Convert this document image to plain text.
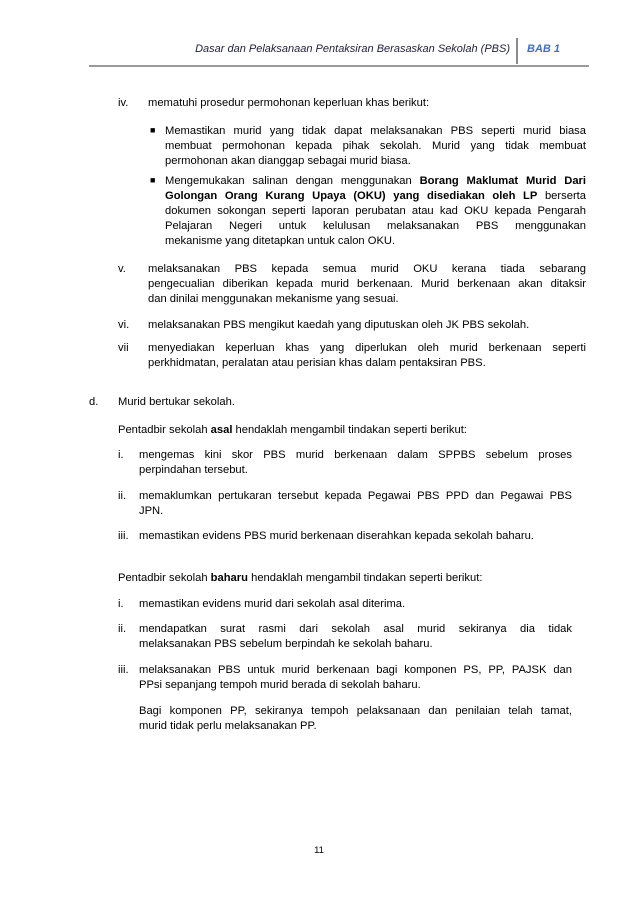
Dasar dan Pelaksanaan Pentaksiran Berasaskan Sekolah (PBS) BAB 1
iv. mematuhi prosedur permohonan keperluan khas berikut:
■ Memastikan murid yang tidak dapat melaksanakan PBS seperti murid biasa
membuat permohonan kepada pihak sekolah. Murid yang tidak membuat
permohonan akan dianggap sebagai murid biasa.
■ Mengemukakan salinan dengan menggunakan Borang Maklumat Murid Dari
Golongan Orang Kurang Upaya (OKU) yang disediakan oleh LP berserta
dokumen sokongan seperti laporan perubatan atau kad OKU kepada Pengarah
Pelajaran Negeri untuk kelulusan melaksanakan PBS menggunakan
mekanisme yang ditetapkan untuk calon OKU.
v. melaksanakan PBS kepada semua murid OKU kerana tiada sebarang
pengecualian diberikan kepada murid berkenaan. Murid berkenaan akan ditaksir
dan dinilai menggunakan mekanisme yang sesuai.
vi. melaksanakan PBS mengikut kaedah yang diputuskan oleh JK PBS sekolah.
vii menyediakan keperluan khas yang diperlukan oleh murid berkenaan seperti
perkhidmatan, peralatan atau perisian khas dalam pentaksiran PBS.
d. Murid bertukar sekolah.
Pentadbir sekolah asal hendaklah mengambil tindakan seperti berikut:
i. mengemas kini skor PBS murid berkenaan dalam SPPBS sebelum proses
perpindahan tersebut.
ii. memaklumkan pertukaran tersebut kepada Pegawai PBS PPD dan Pegawai PBS
JPN.
iii. memastikan evidens PBS murid berkenaan diserahkan kepada sekolah baharu.
Pentadbir sekolah baharu hendaklah mengambil tindakan seperti berikut:
i. memastikan evidens murid dari sekolah asal diterima.
ii. mendapatkan surat rasmi dari sekolah asal murid sekiranya dia tidak
melaksanakan PBS sebelum berpindah ke sekolah baharu.
iii. melaksanakan PBS untuk murid berkenaan bagi komponen PS, PP, PAJSK dan
PPsi sepanjang tempoh murid berada di sekolah baharu.
Bagi komponen PP, sekiranya tempoh pelaksanaan dan penilaian telah tamat,
murid tidak perlu melaksanakan PP.
11
